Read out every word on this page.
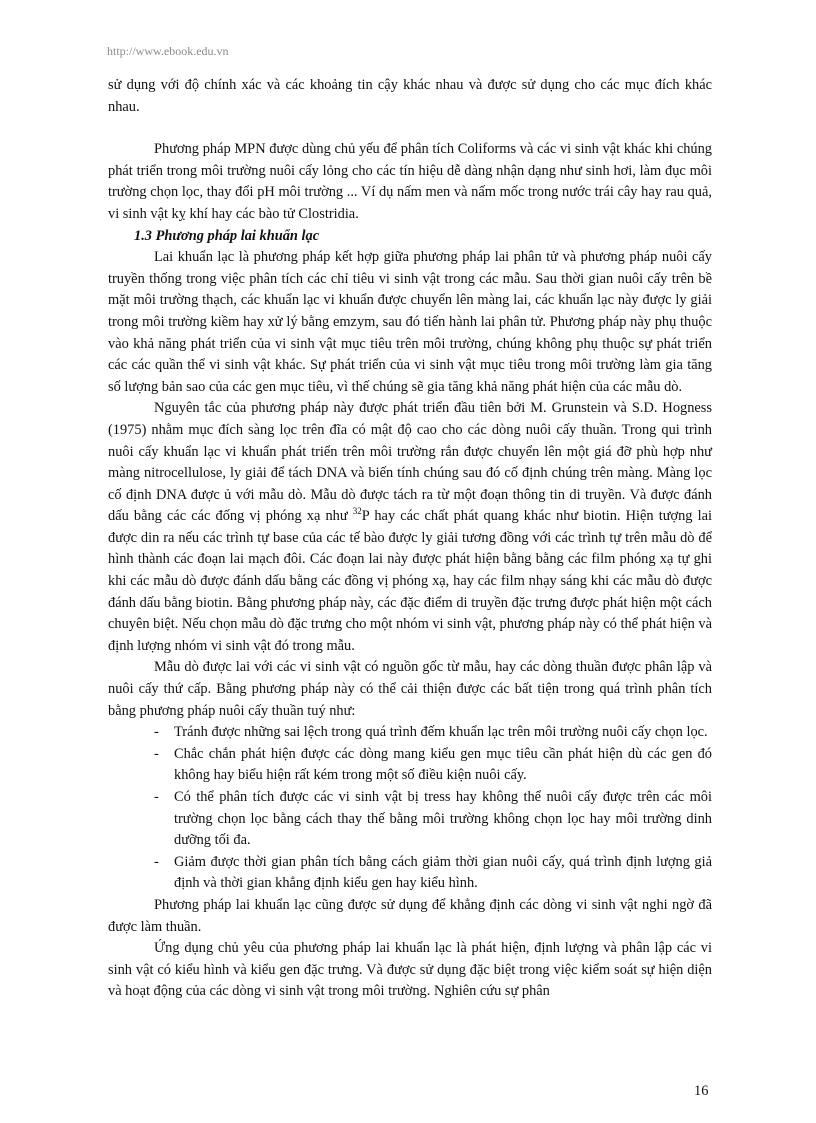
http://www.ebook.edu.vn

sử dụng với độ chính xác và các khoảng tin cậy khác nhau và được sử dụng cho các mục đích khác nhau.

Phương pháp MPN được dùng chủ yếu để phân tích Coliforms và các vi sinh vật khác khi chúng phát triển trong môi trường nuôi cấy lỏng cho các tín hiệu dễ dàng nhận dạng như sinh hơi, làm đục môi trường chọn lọc, thay đổi pH môi trường ... Ví dụ nấm men và nấm mốc trong nước trái cây hay rau quả, vi sinh vật kỵ khí hay các bào tử Clostridia.

1.3 Phương pháp lai khuẩn lạc

Lai khuẩn lạc là phương pháp kết hợp giữa phương pháp lai phân tử và phương pháp nuôi cấy truyền thống trong việc phân tích các chỉ tiêu vi sinh vật trong các mẫu. Sau thời gian nuôi cấy trên bề mặt môi trường thạch, các khuẩn lạc vi khuẩn được chuyển lên màng lai, các khuẩn lạc này được ly giải trong môi trường kiềm hay xử lý bằng emzym, sau đó tiến hành lai phân tử. Phương pháp này phụ thuộc vào khả năng phát triển của vi sinh vật mục tiêu trên môi trường, chúng không phụ thuộc sự phát triển các các quần thể vi sinh vật khác. Sự phát triển của vi sinh vật mục tiêu trong môi trường làm gia tăng số lượng bản sao của các gen mục tiêu, vì thế chúng sẽ gia tăng khả năng phát hiện của các mẫu dò.

Nguyên tắc của phương pháp này được phát triển đầu tiên bởi M. Grunstein và S.D. Hogness (1975) nhằm mục đích sàng lọc trên đĩa có mật độ cao cho các dòng nuôi cấy thuần. Trong qui trình nuôi cấy khuẩn lạc vi khuẩn phát triển trên môi trường rắn được chuyển lên một giá đỡ phù hợp như màng nitrocellulose, ly giải để tách DNA và biến tính chúng sau đó cố định chúng trên màng. Màng lọc cố định DNA được ủ với mẫu dò. Mẫu dò được tách ra từ một đoạn thông tin di truyền. Và được đánh dấu bằng các các đống vị phóng xạ như $^{32}$P hay các chất phát quang khác như biotin. Hiện tượng lai được din ra nếu các trình tự base của các tế bào được ly giải tương đồng với các trình tự trên mẫu dò để hình thành các đoạn lai mạch đôi. Các đoạn lai này được phát hiện bằng bằng các film phóng xạ tự ghi khi các mẫu dò được đánh dấu bằng các đồng vị phóng xạ, hay các film nhạy sáng khi các mẫu dò được đánh dấu bằng biotin. Bằng phương pháp này, các đặc điểm di truyền đặc trưng được phát hiện một cách chuyên biệt. Nếu chọn mẫu dò đặc trưng cho một nhóm vi sinh vật, phương pháp này có thể phát hiện và định lượng nhóm vi sinh vật đó trong mẫu.

Mẫu dò được lai với các vi sinh vật có nguồn gốc từ mẫu, hay các dòng thuần được phân lập và nuôi cấy thứ cấp. Bằng phương pháp này có thể cải thiện được các bất tiện trong quá trình phân tích bằng phương pháp nuôi cấy thuần tuý như:

- Tránh được những sai lệch trong quá trình đếm khuẩn lạc trên môi trường nuôi cấy chọn lọc.
- Chắc chắn phát hiện được các dòng mang kiểu gen mục tiêu cần phát hiện dù các gen đó không hay biểu hiện rất kém trong một số điều kiện nuôi cấy.
- Có thể phân tích được các vi sinh vật bị tress hay không thể nuôi cấy được trên các môi trường chọn lọc bằng cách thay thế bằng môi trường không chọn lọc hay môi trường dinh dưỡng tối đa.
- Giảm được thời gian phân tích bằng cách giảm thời gian nuôi cấy, quá trình định lượng giả định và thời gian khẳng định kiểu gen hay kiểu hình.

Phương pháp lai khuẩn lạc cũng được sử dụng để khẳng định các dòng vi sinh vật nghi ngờ đã được làm thuần.

Ứng dụng chủ yêu của phương pháp lai khuẩn lạc là phát hiện, định lượng và phân lập các vi sinh vật có kiểu hình và kiểu gen đặc trưng. Và được sử dụng đặc biệt trong việc kiểm soát sự hiện diện và hoạt động của các dòng vi sinh vật trong môi trường. Nghiên cứu sự phân

16
